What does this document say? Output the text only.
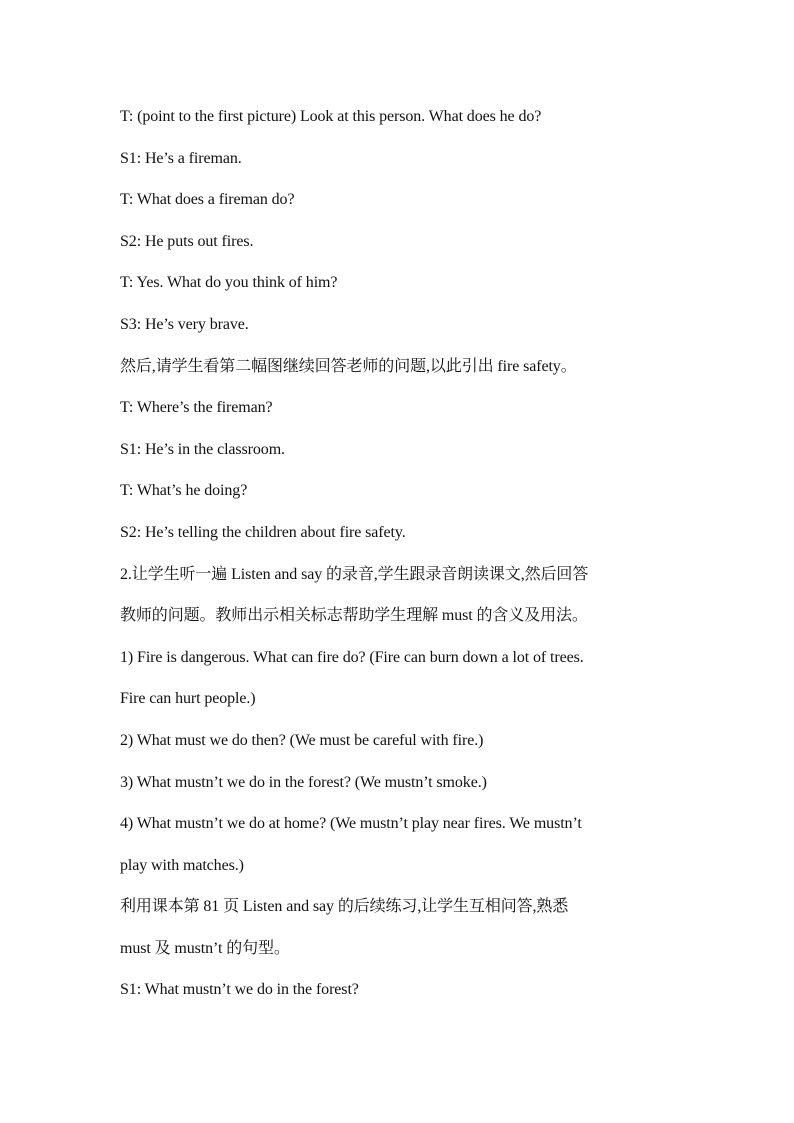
T: (point to the first picture) Look at this person. What does he do?
S1: He’s a fireman.
T: What does a fireman do?
S2: He puts out fires.
T: Yes. What do you think of him?
S3: He’s very brave.
然后,请学生看第二幅图继续回答老师的问题,以此引出 fire safety。
T: Where’s the fireman?
S1: He’s in the classroom.
T: What’s he doing?
S2: He’s telling the children about fire safety.
2.让学生听一遍 Listen and say 的录音,学生跟录音朗读课文,然后回答
教师的问题。教师出示相关标志帮助学生理解 must 的含义及用法。
1) Fire is dangerous. What can fire do? (Fire can burn down a lot of trees.
Fire can hurt people.)
2) What must we do then? (We must be careful with fire.)
3) What mustn’t we do in the forest? (We mustn’t smoke.)
4) What mustn’t we do at home? (We mustn’t play near fires. We mustn’t
play with matches.)
利用课本第 81 页 Listen and say 的后续练习,让学生互相问答,熟悉
must 及 mustn’t 的句型。
S1: What mustn’t we do in the forest?
